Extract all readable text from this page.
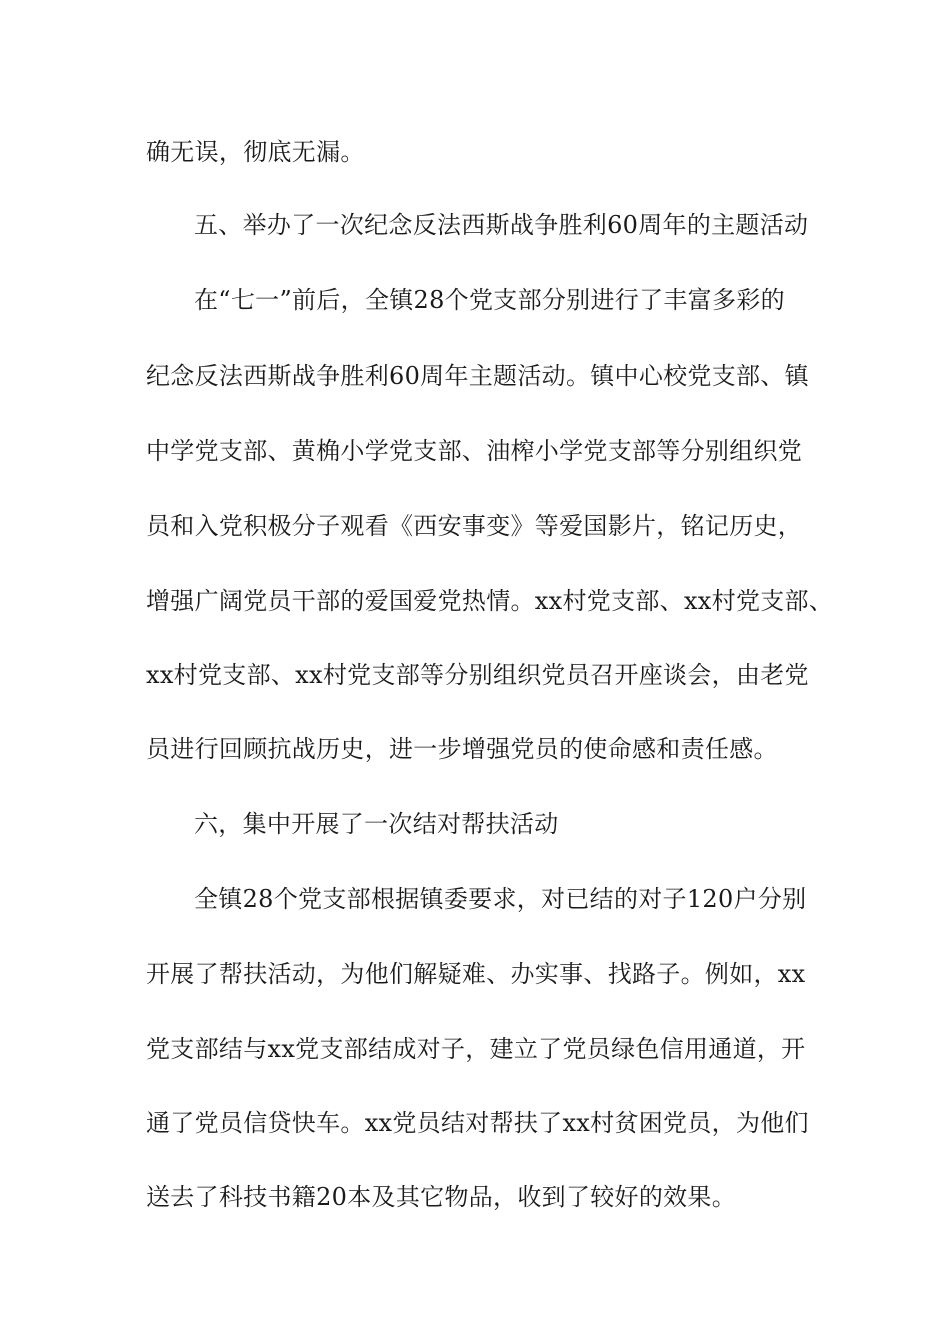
确无误，彻底无漏。
五、举办了一次纪念反法西斯战争胜利60周年的主题活动
在“七一”前后，全镇28个党支部分别进行了丰富多彩的
纪念反法西斯战争胜利60周年主题活动。镇中心校党支部、镇
中学党支部、黄桷小学党支部、油榨小学党支部等分别组织党
员和入党积极分子观看《西安事变》等爱国影片，铭记历史，
增强广阔党员干部的爱国爱党热情。xx村党支部、xx村党支部、
xx村党支部、xx村党支部等分别组织党员召开座谈会，由老党
员进行回顾抗战历史，进一步增强党员的使命感和责任感。
六，集中开展了一次结对帮扶活动
全镇28个党支部根据镇委要求，对已结的对子120户分别
开展了帮扶活动，为他们解疑难、办实事、找路子。例如，xx
党支部结与xx党支部结成对子，建立了党员绿色信用通道，开
通了党员信贷快车。xx党员结对帮扶了xx村贫困党员，为他们
送去了科技书籍20本及其它物品，收到了较好的效果。
